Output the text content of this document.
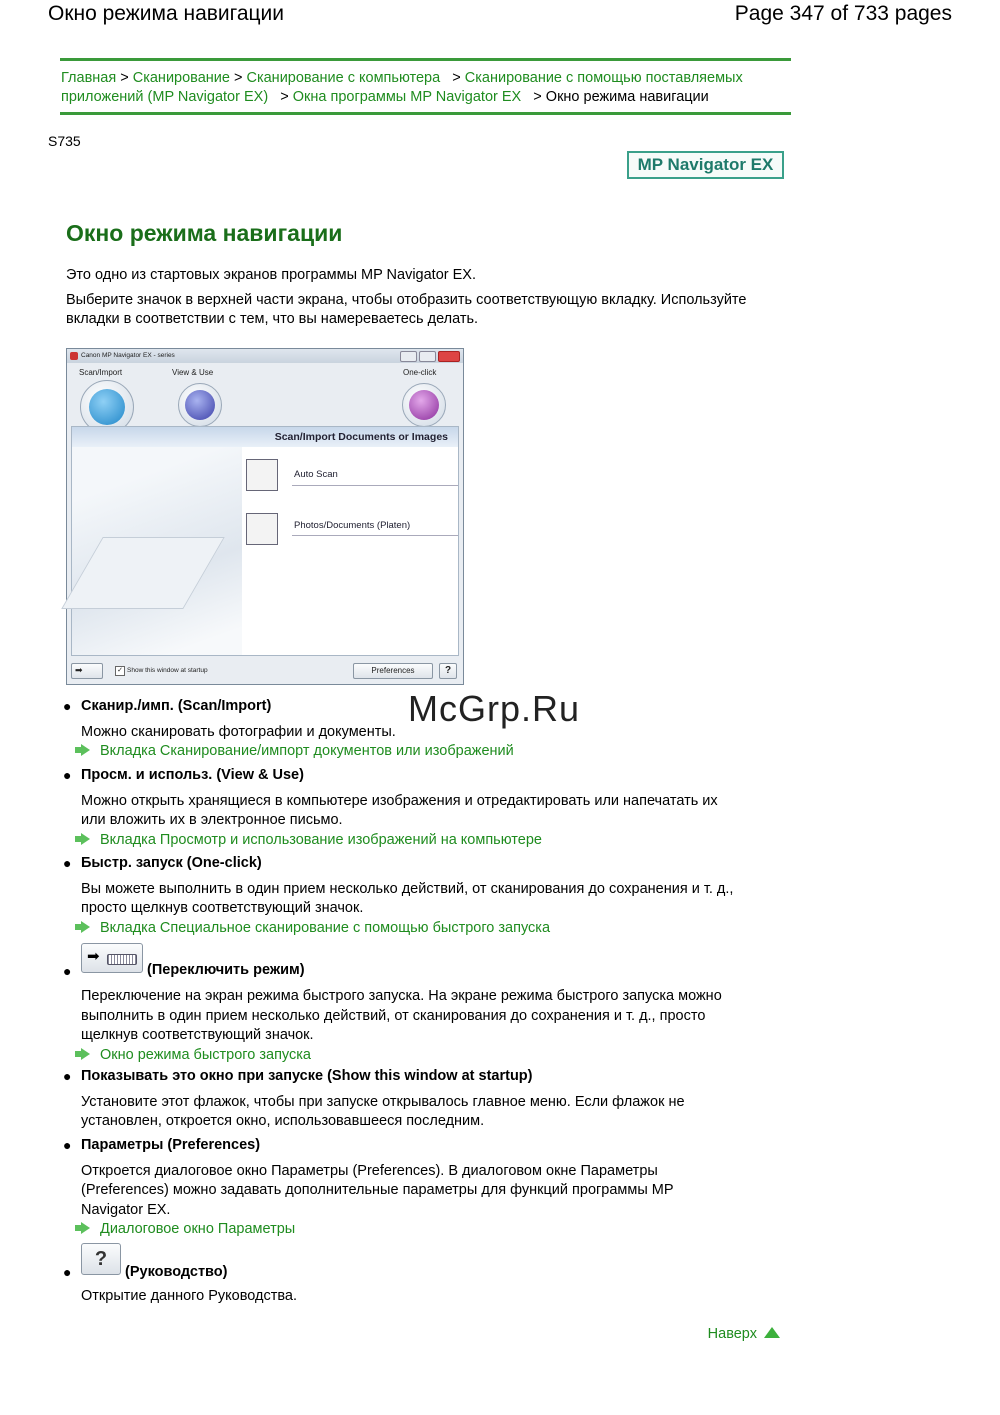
Окно режима навигации	Page 347 of 733 pages
Главная > Сканирование > Сканирование с компьютера > Сканирование с помощью поставляемых
приложений (MP Navigator EX) > Окна программы MP Navigator EX > Окно режима навигации
S735
MP Navigator EX
Окно режима навигации
Это одно из стартовых экранов программы MP Navigator EX.
Выберите значок в верхней части экрана, чтобы отобразить соответствующую вкладку. Используйте
вкладки в соответствии с тем, что вы намереваетесь делать.
Canon MP Navigator EX - series
Scan/Import	View & Use	One-click
Scan/Import Documents or Images
Auto Scan
Photos/Documents (Platen)
➡	✓ Show this window at startup	Preferences	?
● Сканир./имп. (Scan/Import)
Можно сканировать фотографии и документы.
Вкладка Сканирование/импорт документов или изображений
● Просм. и использ. (View & Use)
Можно открыть хранящиеся в компьютере изображения и отредактировать или напечатать их
или вложить их в электронное письмо.
Вкладка Просмотр и использование изображений на компьютере
● Быстр. запуск (One-click)
Вы можете выполнить в один прием несколько действий, от сканирования до сохранения и т. д.,
просто щелкнув соответствующий значок.
Вкладка Специальное сканирование с помощью быстрого запуска
●
➡
(Переключить режим)
Переключение на экран режима быстрого запуска. На экране режима быстрого запуска можно
выполнить в один прием несколько действий, от сканирования до сохранения и т. д., просто
щелкнув соответствующий значок.
Окно режима быстрого запуска
● Показывать это окно при запуске (Show this window at startup)
Установите этот флажок, чтобы при запуске открывалось главное меню. Если флажок не
установлен, откроется окно, использовавшееся последним.
● Параметры (Preferences)
Откроется диалоговое окно Параметры (Preferences). В диалоговом окне Параметры
(Preferences) можно задавать дополнительные параметры для функций программы MP
Navigator EX.
Диалоговое окно Параметры
●
?
(Руководство)
Открытие данного Руководства.
McGrp.Ru
Наверх
